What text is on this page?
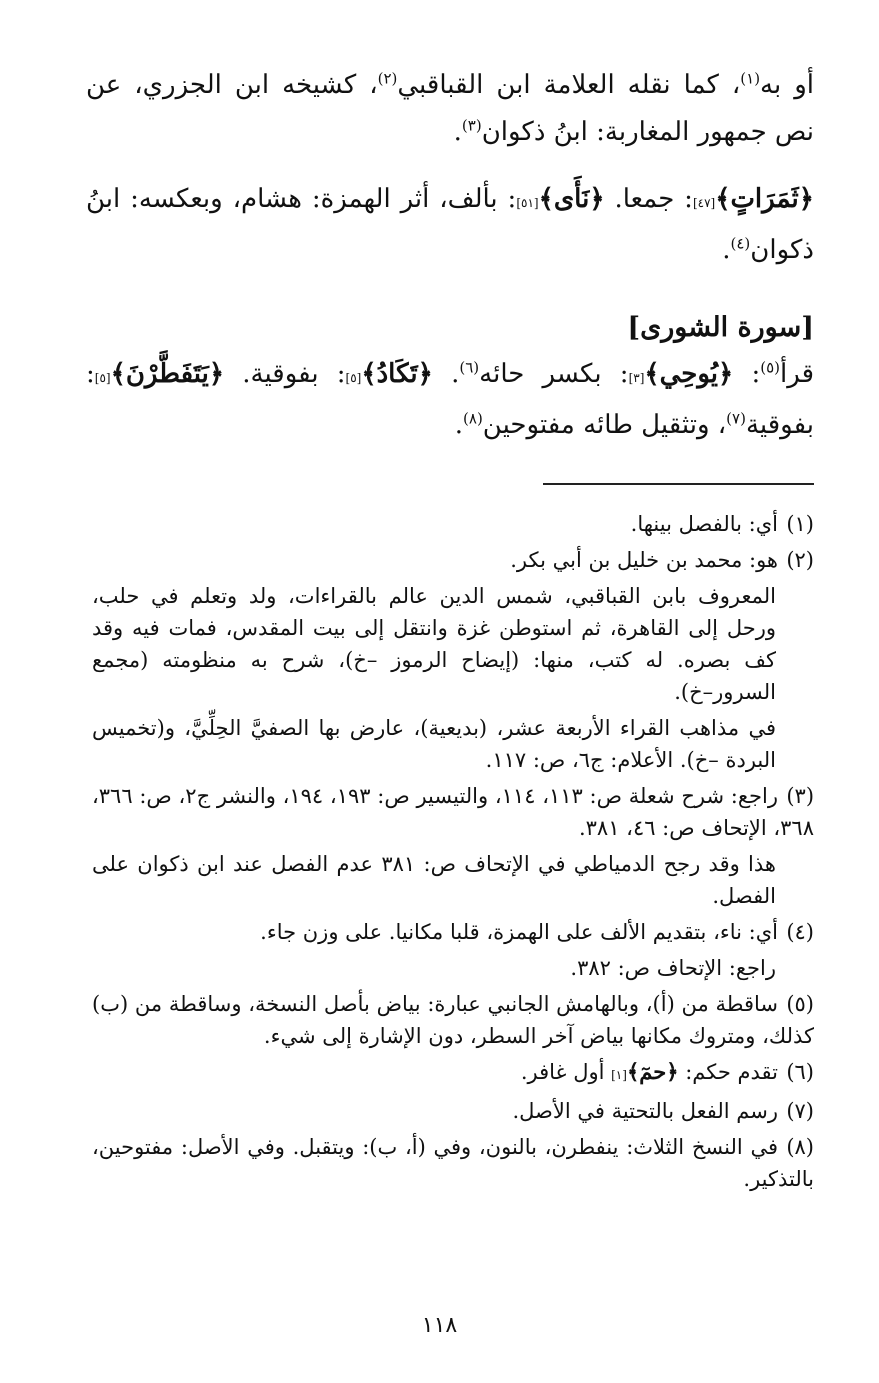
أو به$^{(١)}$، كما نقله العلامة ابن القباقبي$^{(٢)}$، كشيخه ابن الجزري، عن نص جمهور المغاربة: ابنُ ذكوان$^{(٣)}$.

﴿ثَمَرَاتٍ﴾[٤٧]: جمعا. ﴿نَأَى﴾[٥١]: بألف، أثر الهمزة: هشام، وبعكسه: ابنُ ذكوان$^{(٤)}$.

[سورة الشورى]

قرأ$^{(٥)}$: ﴿يُوحِي﴾[٣]: بكسر حائه$^{(٦)}$. ﴿تَكَادُ﴾[٥]: بفوقية. ﴿يَتَفَطَّرْنَ﴾[٥]: بفوقية$^{(٧)}$، وتثقيل طائه مفتوحين$^{(٨)}$.

(١)أي: بالفصل بينها.

(٢)هو: محمد بن خليل بن أبي بكر.

المعروف بابن القباقبي، شمس الدين عالم بالقراءات، ولد وتعلم في حلب، ورحل إلى القاهرة، ثم استوطن غزة وانتقل إلى بيت المقدس، فمات فيه وقد كف بصره. له كتب، منها: (إيضاح الرموز –خ)، شرح به منظومته (مجمع السرور–خ).

في مذاهب القراء الأربعة عشر، (بديعية)، عارض بها الصفيَّ الحِلِّيَّ، و(تخميس البردة –خ). الأعلام: ج٦، ص: ١١٧.

(٣)راجع: شرح شعلة ص: ١١٣، ١١٤، والتيسير ص: ١٩٣، ١٩٤، والنشر ج٢، ص: ٣٦٦، ٣٦٨، الإتحاف ص: ٤٦، ٣٨١.

هذا وقد رجح الدمياطي في الإتحاف ص: ٣٨١ عدم الفصل عند ابن ذكوان على الفصل.

(٤)أي: ناء، بتقديم الألف على الهمزة، قلبا مكانيا. على وزن جاء.

راجع: الإتحاف ص: ٣٨٢.

(٥)ساقطة من (أ)، وبالهامش الجانبي عبارة: بياض بأصل النسخة، وساقطة من (ب) كذلك، ومتروك مكانها بياض آخر السطر، دون الإشارة إلى شيء.

(٦)تقدم حكم: ﴿حمٓ﴾[١] أول غافر.

(٧)رسم الفعل بالتحتية في الأصل.

(٨)في النسخ الثلاث: ينفطرن، بالنون، وفي (أ، ب): ويتقبل. وفي الأصل: مفتوحين، بالتذكير.

١١٨
